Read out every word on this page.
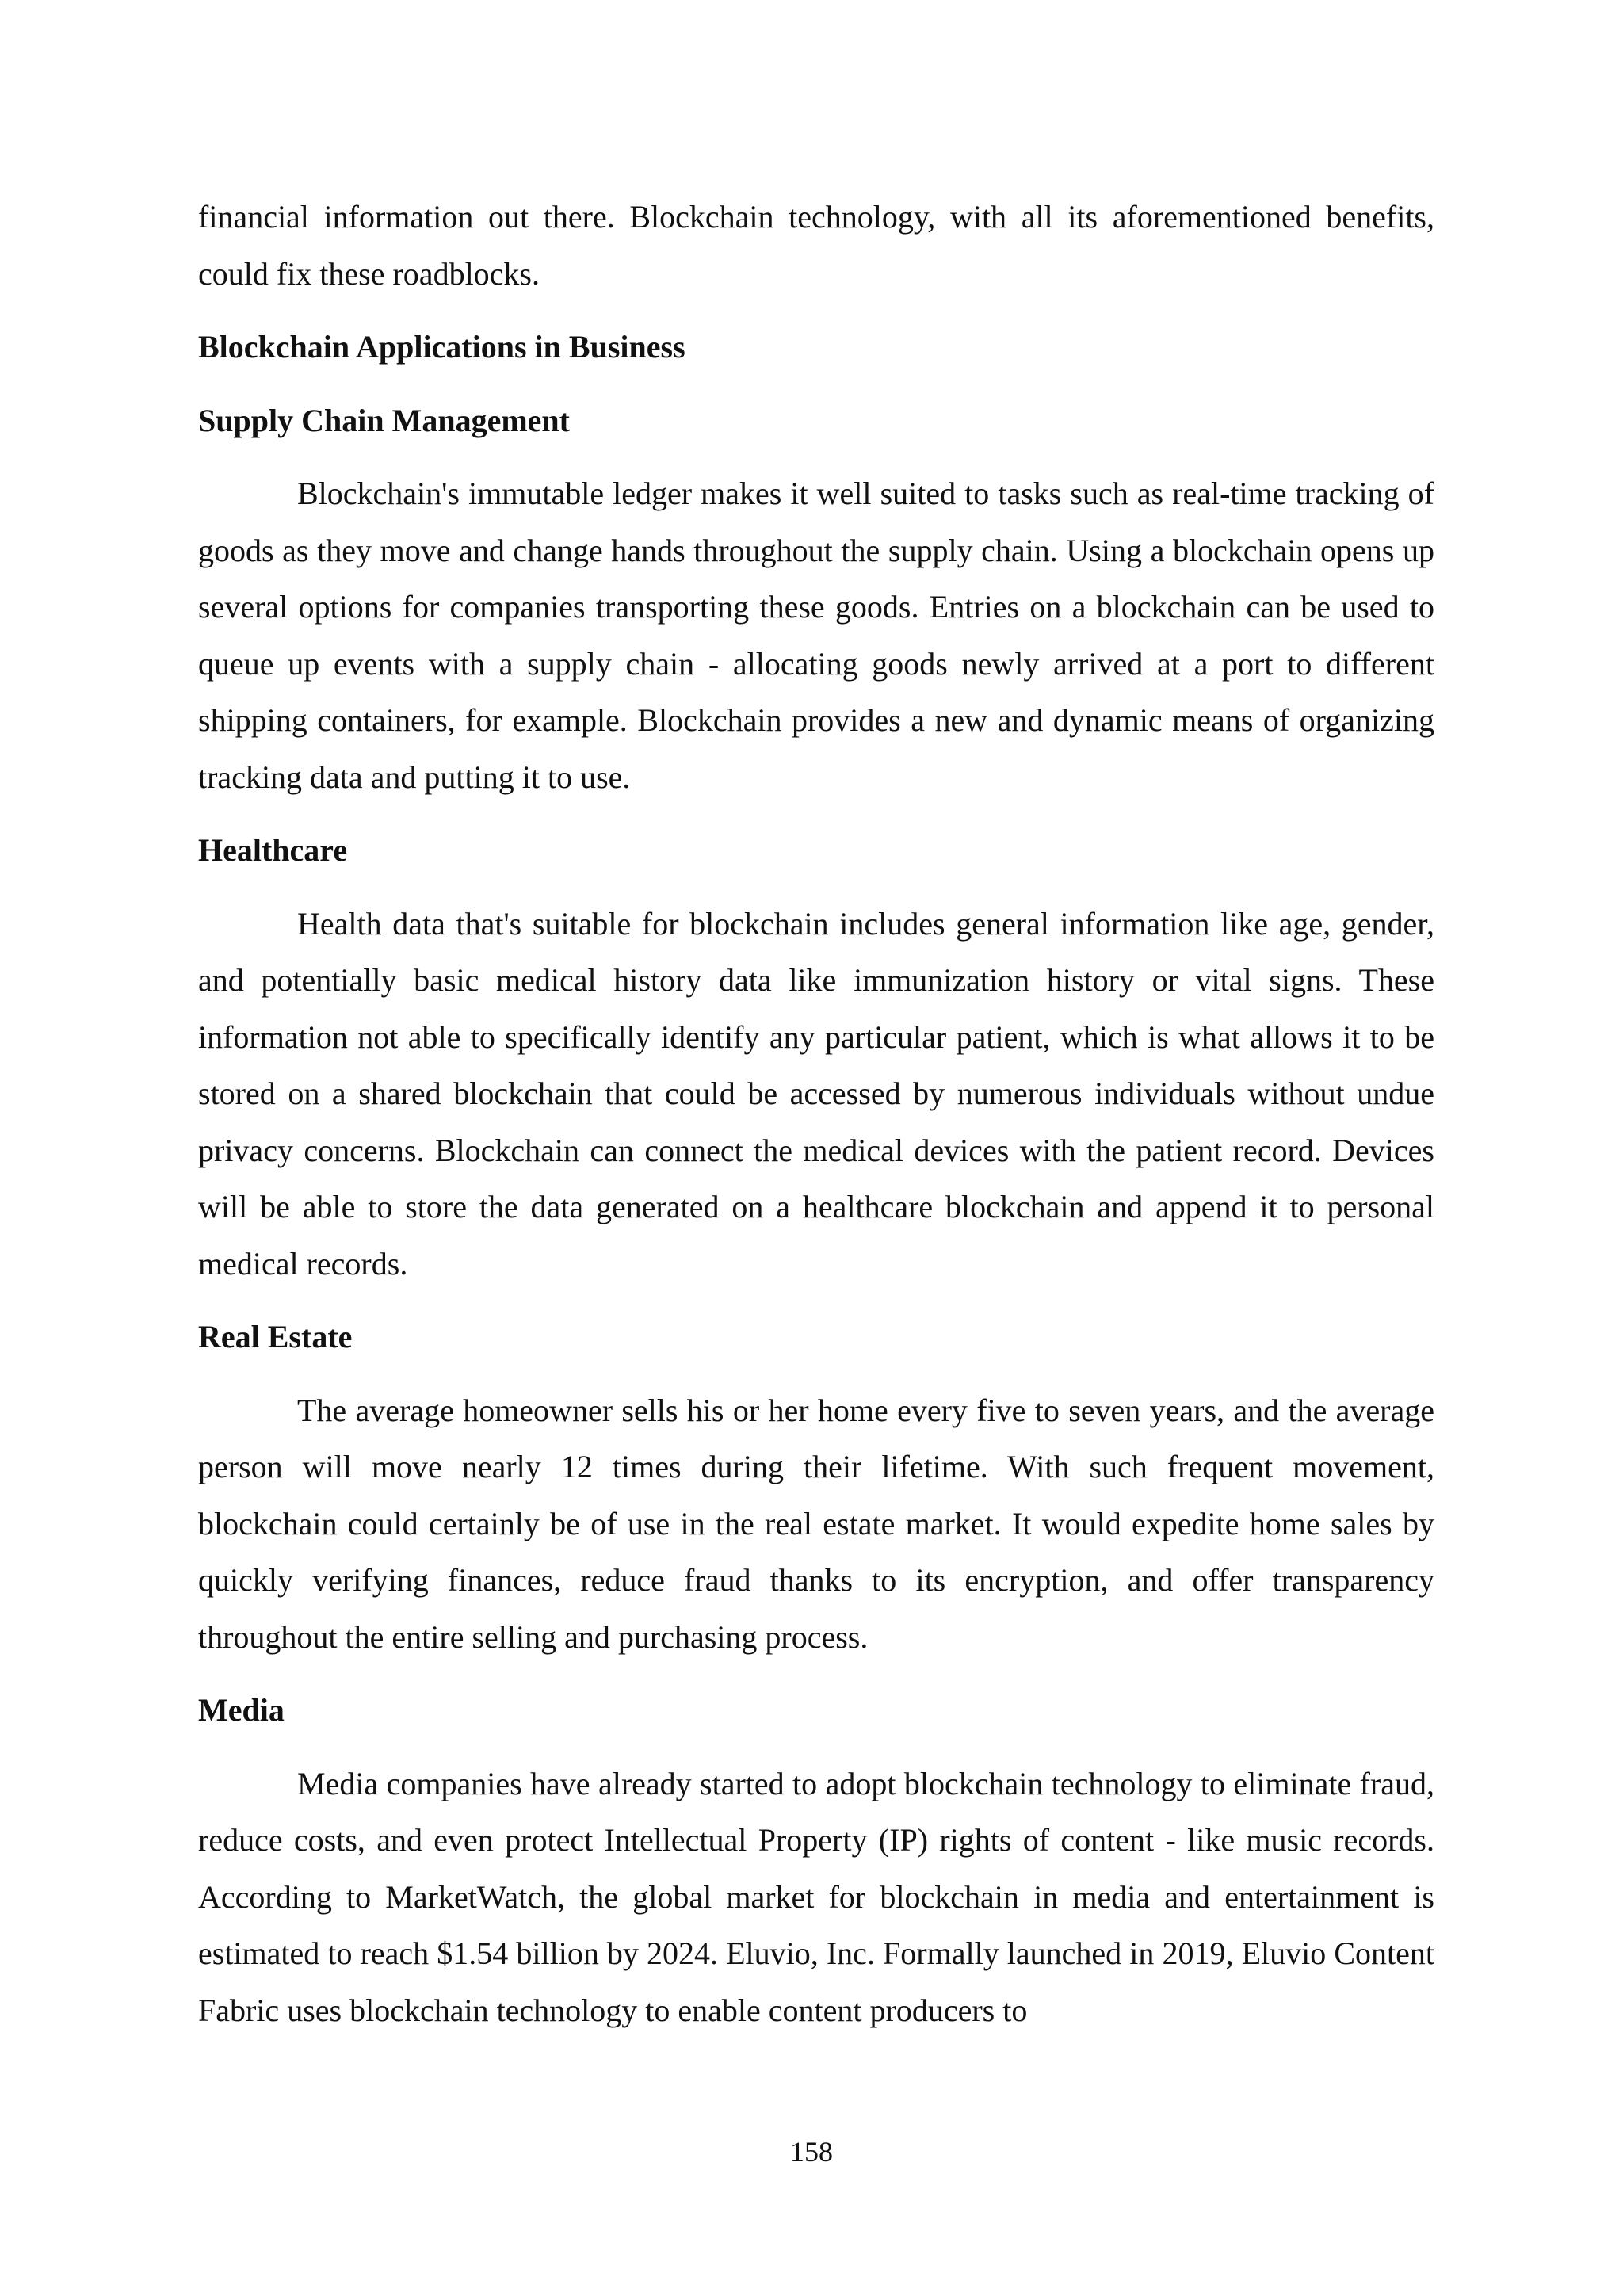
financial information out there. Blockchain technology, with all its aforementioned benefits, could fix these roadblocks.

Blockchain Applications in Business
Supply Chain Management

Blockchain's immutable ledger makes it well suited to tasks such as real-time tracking of goods as they move and change hands throughout the supply chain. Using a blockchain opens up several options for companies transporting these goods. Entries on a blockchain can be used to queue up events with a supply chain - allocating goods newly arrived at a port to different shipping containers, for example. Blockchain provides a new and dynamic means of organizing tracking data and putting it to use.

Healthcare

Health data that's suitable for blockchain includes general information like age, gender, and potentially basic medical history data like immunization history or vital signs. These information not able to specifically identify any particular patient, which is what allows it to be stored on a shared blockchain that could be accessed by numerous individuals without undue privacy concerns. Blockchain can connect the medical devices with the patient record. Devices will be able to store the data generated on a healthcare blockchain and append it to personal medical records.

Real Estate

The average homeowner sells his or her home every five to seven years, and the average person will move nearly 12 times during their lifetime. With such frequent movement, blockchain could certainly be of use in the real estate market. It would expedite home sales by quickly verifying finances, reduce fraud thanks to its encryption, and offer transparency throughout the entire selling and purchasing process.

Media

Media companies have already started to adopt blockchain technology to eliminate fraud, reduce costs, and even protect Intellectual Property (IP) rights of content - like music records. According to MarketWatch, the global market for blockchain in media and entertainment is estimated to reach $1.54 billion by 2024. Eluvio, Inc. Formally launched in 2019, Eluvio Content Fabric uses blockchain technology to enable content producers to

158
